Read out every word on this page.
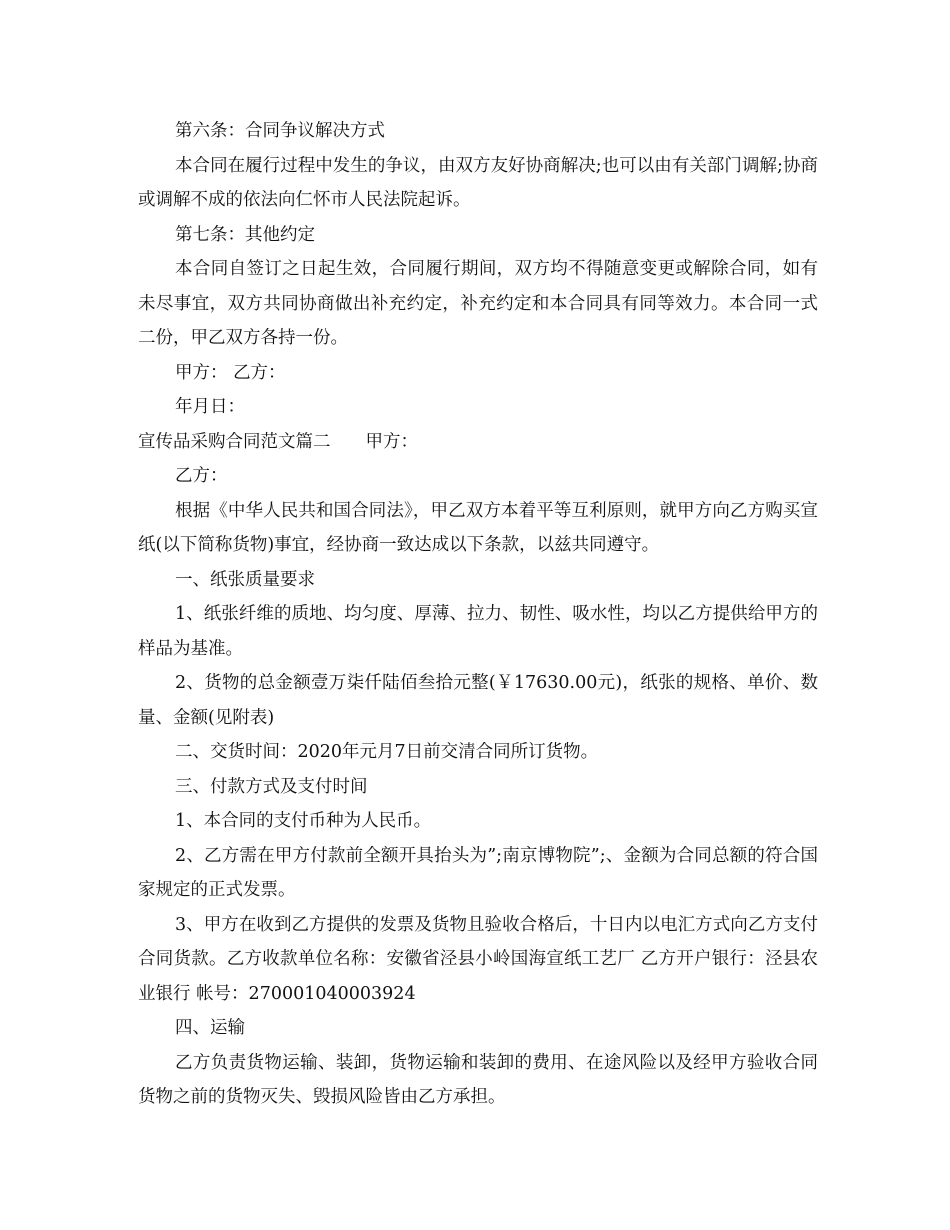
第六条：合同争议解决方式

本合同在履行过程中发生的争议，由双方友好协商解决;也可以由有关部门调解;协商或调解不成的依法向仁怀市人民法院起诉。

第七条：其他约定

本合同自签订之日起生效，合同履行期间，双方均不得随意变更或解除合同，如有未尽事宜，双方共同协商做出补充约定，补充约定和本合同具有同等效力。本合同一式二份，甲乙双方各持一份。

甲方： 乙方：

年月日：

宣传品采购合同范文篇二　　甲方：

乙方：

根据《中华人民共和国合同法》，甲乙双方本着平等互利原则，就甲方向乙方购买宣纸(以下简称货物)事宜，经协商一致达成以下条款，以兹共同遵守。

一、纸张质量要求

1、纸张纤维的质地、均匀度、厚薄、拉力、韧性、吸水性，均以乙方提供给甲方的样品为基准。

2、货物的总金额壹万柒仟陆佰叁拾元整(￥17630.00元)，纸张的规格、单价、数量、金额(见附表)

二、交货时间：2020年元月7日前交清合同所订货物。

三、付款方式及支付时间

1、本合同的支付币种为人民币。

2、乙方需在甲方付款前全额开具抬头为”;南京博物院”;、金额为合同总额的符合国家规定的正式发票。

3、甲方在收到乙方提供的发票及货物且验收合格后，十日内以电汇方式向乙方支付合同货款。乙方收款单位名称：安徽省泾县小岭国海宣纸工艺厂 乙方开户银行：泾县农业银行 帐号：270001040003924

四、运输

乙方负责货物运输、装卸，货物运输和装卸的费用、在途风险以及经甲方验收合同货物之前的货物灭失、毁损风险皆由乙方承担。
